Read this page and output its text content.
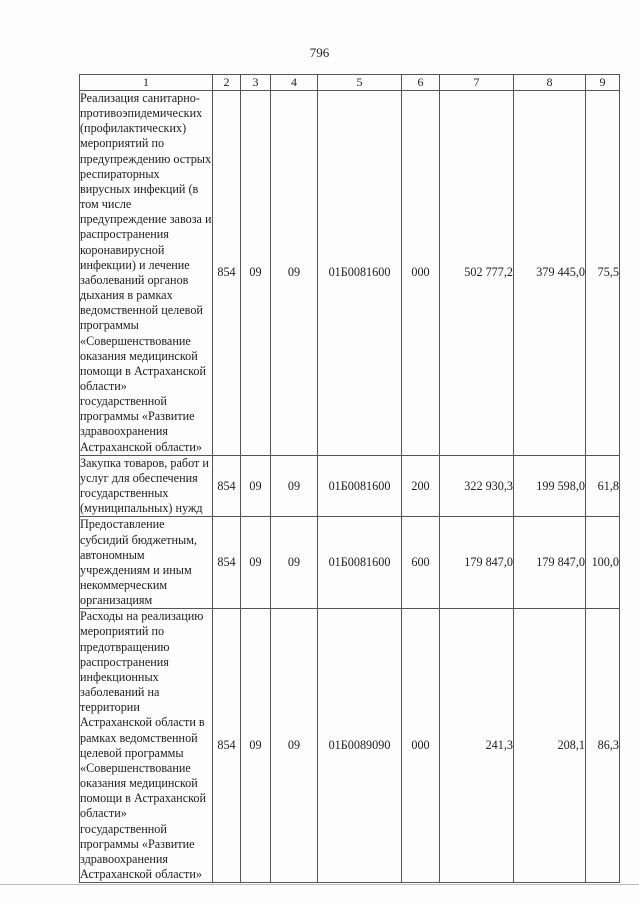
796
1	2	3	4	5	6	7	8	9
Реализация санитарно-противоэпидемических (профилактических) мероприятий по предупреждению острых респираторных вирусных инфекций (в том числе предупреждение завоза и распространения коронавирусной инфекции) и лечение заболеваний органов дыхания в рамках ведомственной целевой программы «Совершенствование оказания медицинской помощи в Астраханской области» государственной программы «Развитие здравоохранения Астраханской области»	854	09	09	01Б0081600	000	502 777,2	379 445,0	75,5
Закупка товаров, работ и услуг для обеспечения государственных (муниципальных) нужд	854	09	09	01Б0081600	200	322 930,3	199 598,0	61,8
Предоставление субсидий бюджетным, автономным учреждениям и иным некоммерческим организациям	854	09	09	01Б0081600	600	179 847,0	179 847,0	100,0
Расходы на реализацию мероприятий по предотвращению распространения инфекционных заболеваний на территории Астраханской области в рамках ведомственной целевой программы «Совершенствование оказания медицинской помощи в Астраханской области» государственной программы «Развитие здравоохранения Астраханской области»	854	09	09	01Б0089090	000	241,3	208,1	86,3
